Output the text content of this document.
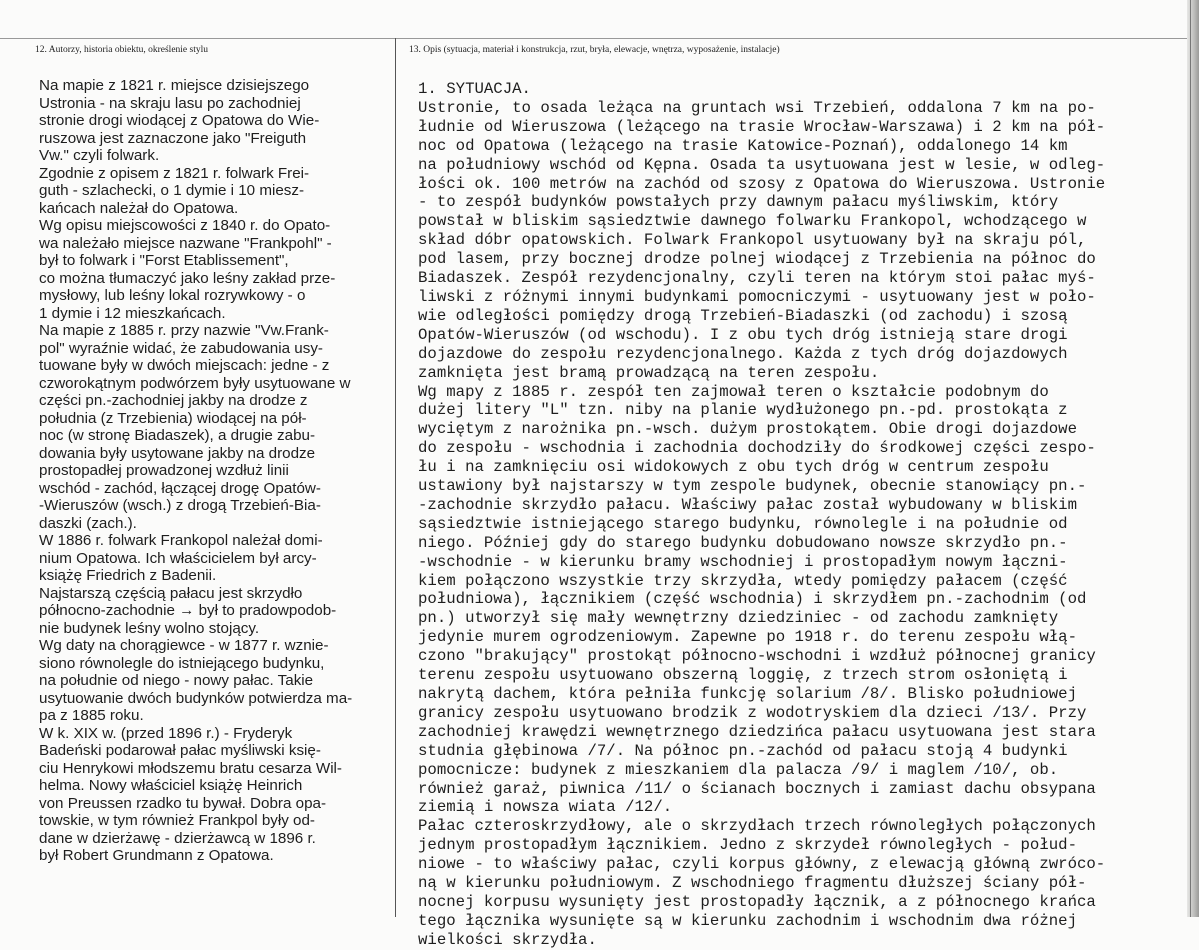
12. Autorzy, historia obiektu, określenie stylu	13. Opis (sytuacja, materiał i konstrukcja, rzut, bryła, elewacje, wnętrza, wyposażenie, instalacje)
Na mapie z 1821 r. miejsce dzisiejszego
Ustronia - na skraju lasu po zachodniej
stronie drogi wiodącej z Opatowa do Wie-
ruszowa jest zaznaczone jako "Freiguth
Vw." czyli folwark.
Zgodnie z opisem z 1821 r. folwark Frei-
guth - szlachecki, o 1 dymie i 10 miesz-
kańcach należał do Opatowa.
Wg opisu miejscowości z 1840 r. do Opato-
wa należało miejsce nazwane "Frankpohl" -
był to folwark i "Forst Etablissement",
co można tłumaczyć jako leśny zakład prze-
mysłowy, lub leśny lokal rozrywkowy - o
1 dymie i 12 mieszkańcach.
Na mapie z 1885 r. przy nazwie "Vw.Frank-
pol" wyraźnie widać, że zabudowania usy-
tuowane były w dwóch miejscach: jedne - z
czworokątnym podwórzem były usytuowane w
części pn.-zachodniej jakby na drodze z
południa (z Trzebienia) wiodącej na pół-
noc (w stronę Biadaszek), a drugie zabu-
dowania były usytowane jakby na drodze
prostopadłej prowadzonej wzdłuż linii
wschód - zachód, łączącej drogę Opatów-
-Wieruszów (wsch.) z drogą Trzebień-Bia-
daszki (zach.).
W 1886 r. folwark Frankopol należał domi-
nium Opatowa. Ich właścicielem był arcy-
książę Friedrich z Badenii.
Najstarszą częścią pałacu jest skrzydło
północno-zachodnie → był to pradowpodob-
nie budynek leśny wolno stojący.
Wg daty na chorągiewce - w 1877 r. wznie-
siono równolegle do istniejącego budynku,
na południe od niego - nowy pałac. Takie
usytuowanie dwóch budynków potwierdza ma-
pa z 1885 roku.
W k. XIX w. (przed 1896 r.) - Fryderyk
Badeński podarował pałac myśliwski księ-
ciu Henrykowi młodszemu bratu cesarza Wil-
helma. Nowy właściciel książę Heinrich
von Preussen rzadko tu bywał. Dobra opa-
towskie, w tym również Frankpol były od-
dane w dzierżawę - dzierżawcą w 1896 r.
był Robert Grundmann z Opatowa.
1. SYTUACJA.
Ustronie, to osada leżąca na gruntach wsi Trzebień, oddalona 7 km na po-
łudnie od Wieruszowa (leżącego na trasie Wrocław-Warszawa) i 2 km na pół-
noc od Opatowa (leżącego na trasie Katowice-Poznań), oddalonego 14 km
na południowy wschód od Kępna. Osada ta usytuowana jest w lesie, w odleg-
łości ok. 100 metrów na zachód od szosy z Opatowa do Wieruszowa. Ustronie
- to zespół budynków powstałych przy dawnym pałacu myśliwskim, który
powstał w bliskim sąsiedztwie dawnego folwarku Frankopol, wchodzącego w
skład dóbr opatowskich. Folwark Frankopol usytuowany był na skraju pól,
pod lasem, przy bocznej drodze polnej wiodącej z Trzebienia na północ do
Biadaszek. Zespół rezydencjonalny, czyli teren na którym stoi pałac myś-
liwski z różnymi innymi budynkami pomocniczymi - usytuowany jest w poło-
wie odległości pomiędzy drogą Trzebień-Biadaszki (od zachodu) i szosą
Opatów-Wieruszów (od wschodu). I z obu tych dróg istnieją stare drogi
dojazdowe do zespołu rezydencjonalnego. Każda z tych dróg dojazdowych
zamknięta jest bramą prowadzącą na teren zespołu.
Wg mapy z 1885 r. zespół ten zajmował teren o kształcie podobnym do
dużej litery "L" tzn. niby na planie wydłużonego pn.-pd. prostokąta z
wyciętym z narożnika pn.-wsch. dużym prostokątem. Obie drogi dojazdowe
do zespołu - wschodnia i zachodnia dochodziły do środkowej części zespo-
łu i na zamknięciu osi widokowych z obu tych dróg w centrum zespołu
ustawiony był najstarszy w tym zespole budynek, obecnie stanowiący pn.-
-zachodnie skrzydło pałacu. Właściwy pałac został wybudowany w bliskim
sąsiedztwie istniejącego starego budynku, równolegle i na południe od
niego. Później gdy do starego budynku dobudowano nowsze skrzydło pn.-
-wschodnie - w kierunku bramy wschodniej i prostopadłym nowym łączni-
kiem połączono wszystkie trzy skrzydła, wtedy pomiędzy pałacem (część
południowa), łącznikiem (część wschodnia) i skrzydłem pn.-zachodnim (od
pn.) utworzył się mały wewnętrzny dziedziniec - od zachodu zamknięty
jedynie murem ogrodzeniowym. Zapewne po 1918 r. do terenu zespołu włą-
czono "brakujący" prostokąt północno-wschodni i wzdłuż północnej granicy
terenu zespołu usytuowano obszerną loggię, z trzech strom osłoniętą i
nakrytą dachem, która pełniła funkcję solarium /8/. Blisko południowej
granicy zespołu usytuowano brodzik z wodotryskiem dla dzieci /13/. Przy
zachodniej krawędzi wewnętrznego dziedzińca pałacu usytuowana jest stara
studnia głębinowa /7/. Na północ pn.-zachód od pałacu stoją 4 budynki
pomocnicze: budynek z mieszkaniem dla palacza /9/ i maglem /10/, ob.
również garaż, piwnica /11/ o ścianach bocznych i zamiast dachu obsypana
ziemią i nowsza wiata /12/.
Pałac czteroskrzydłowy, ale o skrzydłach trzech równoległych połączonych
jednym prostopadłym łącznikiem. Jedno z skrzydeł równoległych - połud-
niowe - to właściwy pałac, czyli korpus główny, z elewacją główną zwróco-
ną w kierunku południowym. Z wschodniego fragmentu dłuższej ściany pół-
nocnej korpusu wysunięty jest prostopadły łącznik, a z północnego krańca
tego łącznika wysunięte są w kierunku zachodnim i wschodnim dwa różnej
wielkości skrzydła.
